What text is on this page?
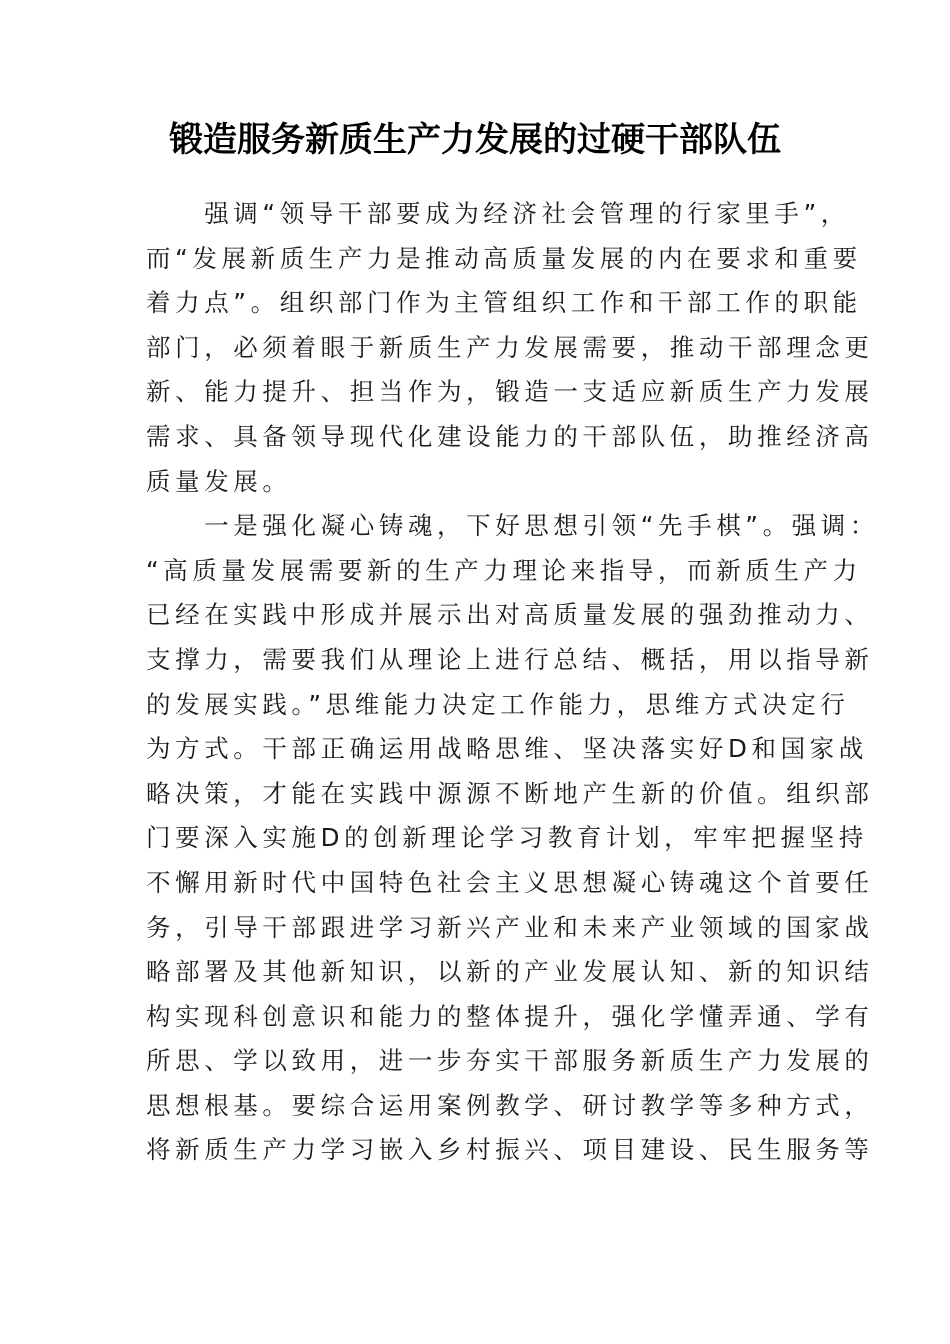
锻造服务新质生产力发展的过硬干部队伍
　　强调“领导干部要成为经济社会管理的行家里手”，
而“发展新质生产力是推动高质量发展的内在要求和重要
着力点”。组织部门作为主管组织工作和干部工作的职能
部门，必须着眼于新质生产力发展需要，推动干部理念更
新、能力提升、担当作为，锻造一支适应新质生产力发展
需求、具备领导现代化建设能力的干部队伍，助推经济高
质量发展。
　　一是强化凝心铸魂，下好思想引领“先手棋”。强调：
“高质量发展需要新的生产力理论来指导，而新质生产力
已经在实践中形成并展示出对高质量发展的强劲推动力、
支撑力，需要我们从理论上进行总结、概括，用以指导新
的发展实践。”思维能力决定工作能力，思维方式决定行
为方式。干部正确运用战略思维、坚决落实好D和国家战
略决策，才能在实践中源源不断地产生新的价值。组织部
门要深入实施D的创新理论学习教育计划，牢牢把握坚持
不懈用新时代中国特色社会主义思想凝心铸魂这个首要任
务，引导干部跟进学习新兴产业和未来产业领域的国家战
略部署及其他新知识，以新的产业发展认知、新的知识结
构实现科创意识和能力的整体提升，强化学懂弄通、学有
所思、学以致用，进一步夯实干部服务新质生产力发展的
思想根基。要综合运用案例教学、研讨教学等多种方式，
将新质生产力学习嵌入乡村振兴、项目建设、民生服务等
